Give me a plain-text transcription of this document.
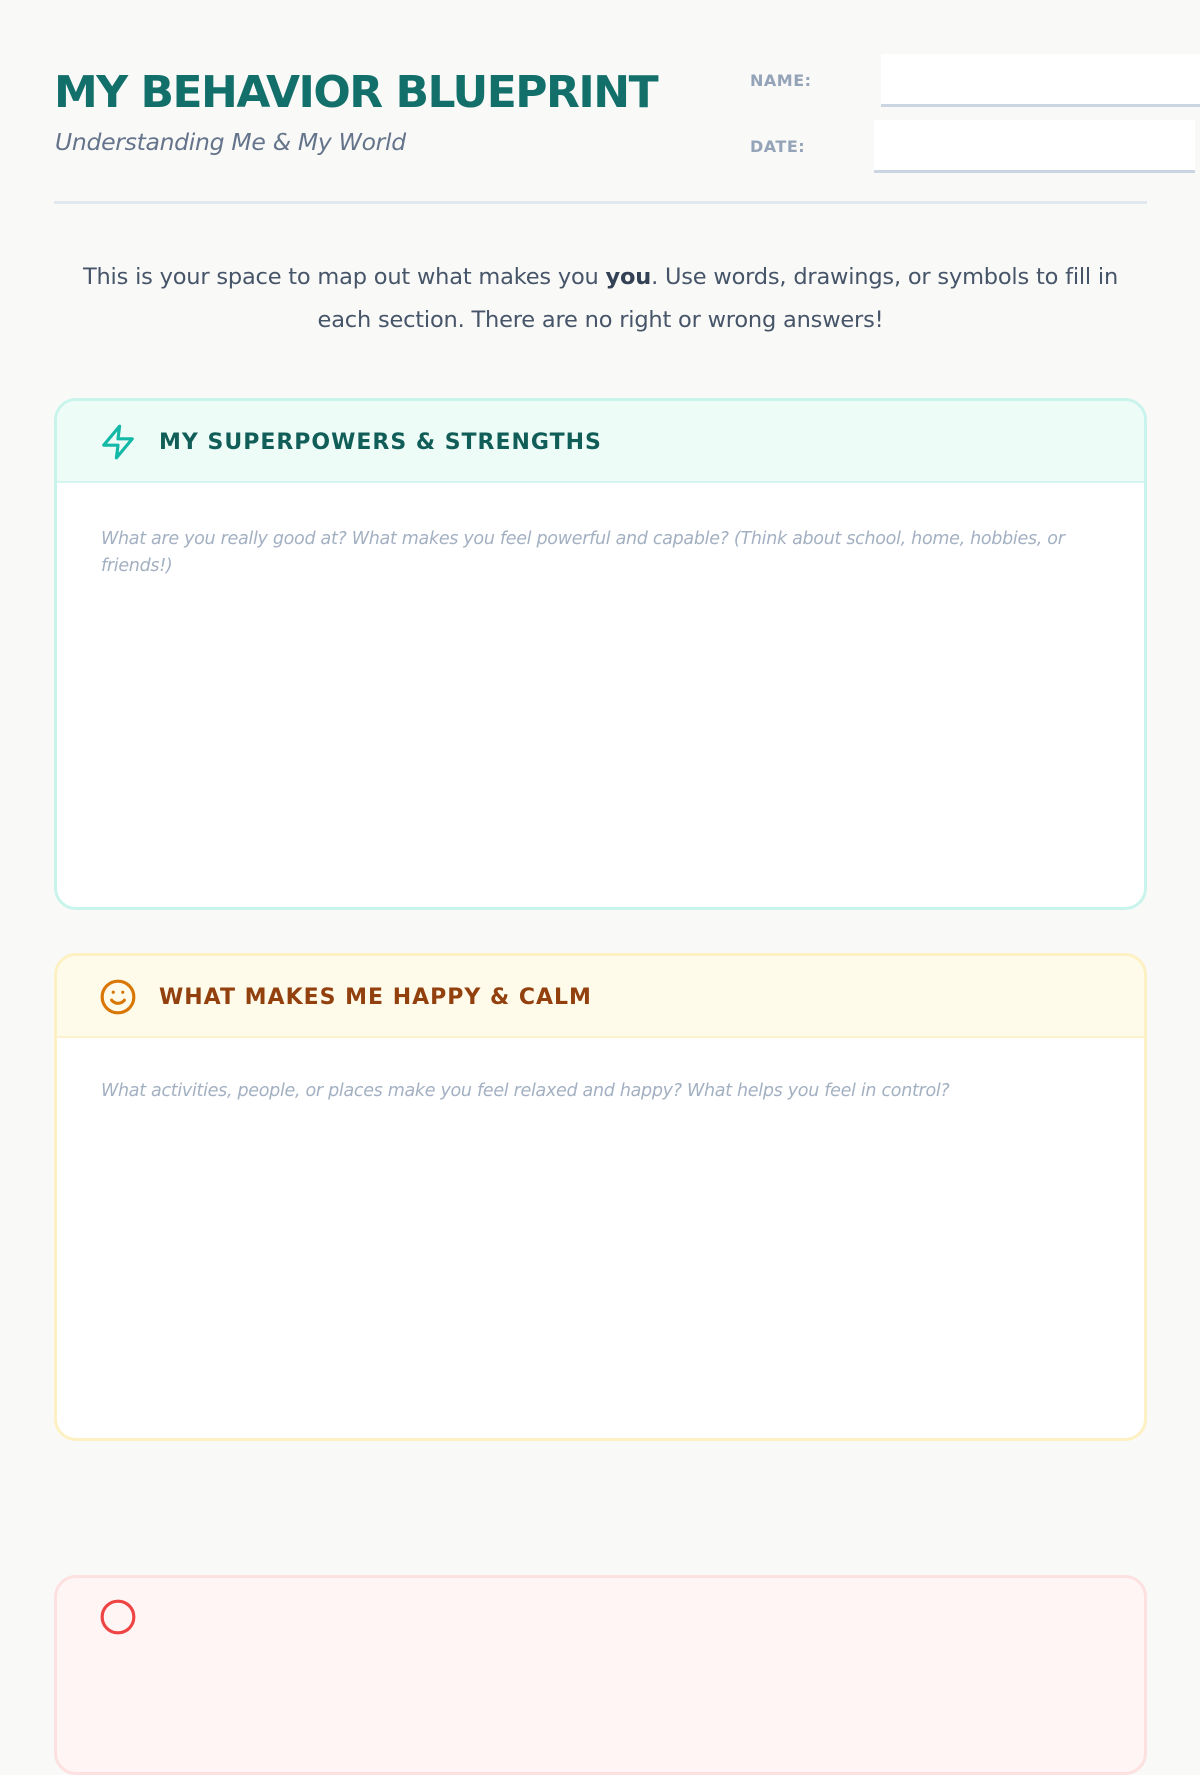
MY BEHAVIOR BLUEPRINT

Understanding Me & My World

NAME:
DATE:

This is your space to map out what makes you you. Use words, drawings, or symbols to fill in each section. There are no right or wrong answers!

MY SUPERPOWERS & STRENGTHS

What are you really good at? What makes you feel powerful and capable? (Think about school, home, hobbies, or friends!)

WHAT MAKES ME HAPPY & CALM

What activities, people, or places make you feel relaxed and happy? What helps you feel in control?
